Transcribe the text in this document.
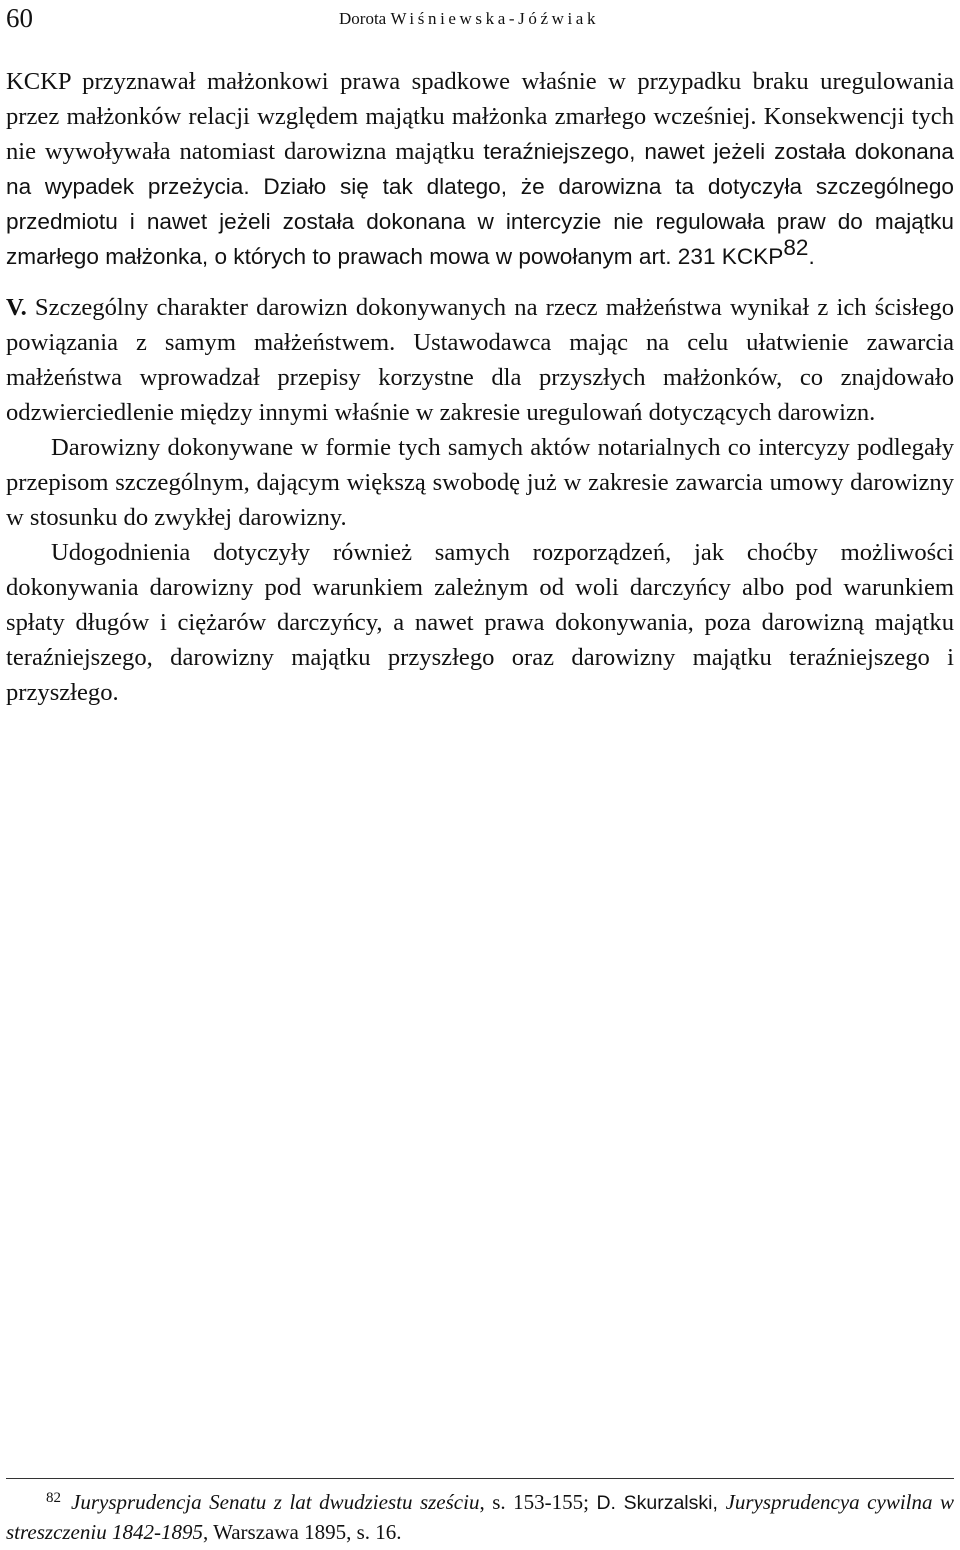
60	Dorota Wiśniewska-Jóźwiak

KCKP przyznawał małżonkowi prawa spadkowe właśnie w przypadku braku uregulowania przez małżonków relacji względem majątku małżonka zmarłego wcześniej. Konsekwencji tych nie wywoływała natomiast darowizna majątku teraźniejszego, nawet jeżeli została dokonana na wypadek przeżycia. Działo się tak dlatego, że darowizna ta dotyczyła szczególnego przedmiotu i nawet jeżeli została dokonana w intercyzie nie regulowała praw do majątku zmarłego małżonka, o których to prawach mowa w powołanym art. 231 KCKP$^{82}$.

V. Szczególny charakter darowizn dokonywanych na rzecz małżeństwa wynikał z ich ścisłego powiązania z samym małżeństwem. Ustawodawca mając na celu ułatwienie zawarcia małżeństwa wprowadzał przepisy korzystne dla przyszłych małżonków, co znajdowało odzwierciedlenie między innymi właśnie w zakresie uregulowań dotyczących darowizn.

Darowizny dokonywane w formie tych samych aktów notarialnych co intercyzy podlegały przepisom szczególnym, dającym większą swobodę już w zakresie zawarcia umowy darowizny w stosunku do zwykłej darowizny.

Udogodnienia dotyczyły również samych rozporządzeń, jak choćby możliwości dokonywania darowizny pod warunkiem zależnym od woli darczyńcy albo pod warunkiem spłaty długów i ciężarów darczyńcy, a nawet prawa dokonywania, poza darowizną majątku teraźniejszego, darowizny majątku przyszłego oraz darowizny majątku teraźniejszego i przyszłego.

$^{82}$ Jurysprudencja Senatu z lat dwudziestu sześciu, s. 153-155; D. Skurzalski, Jurysprudencya cywilna w streszczeniu 1842-1895, Warszawa 1895, s. 16.
